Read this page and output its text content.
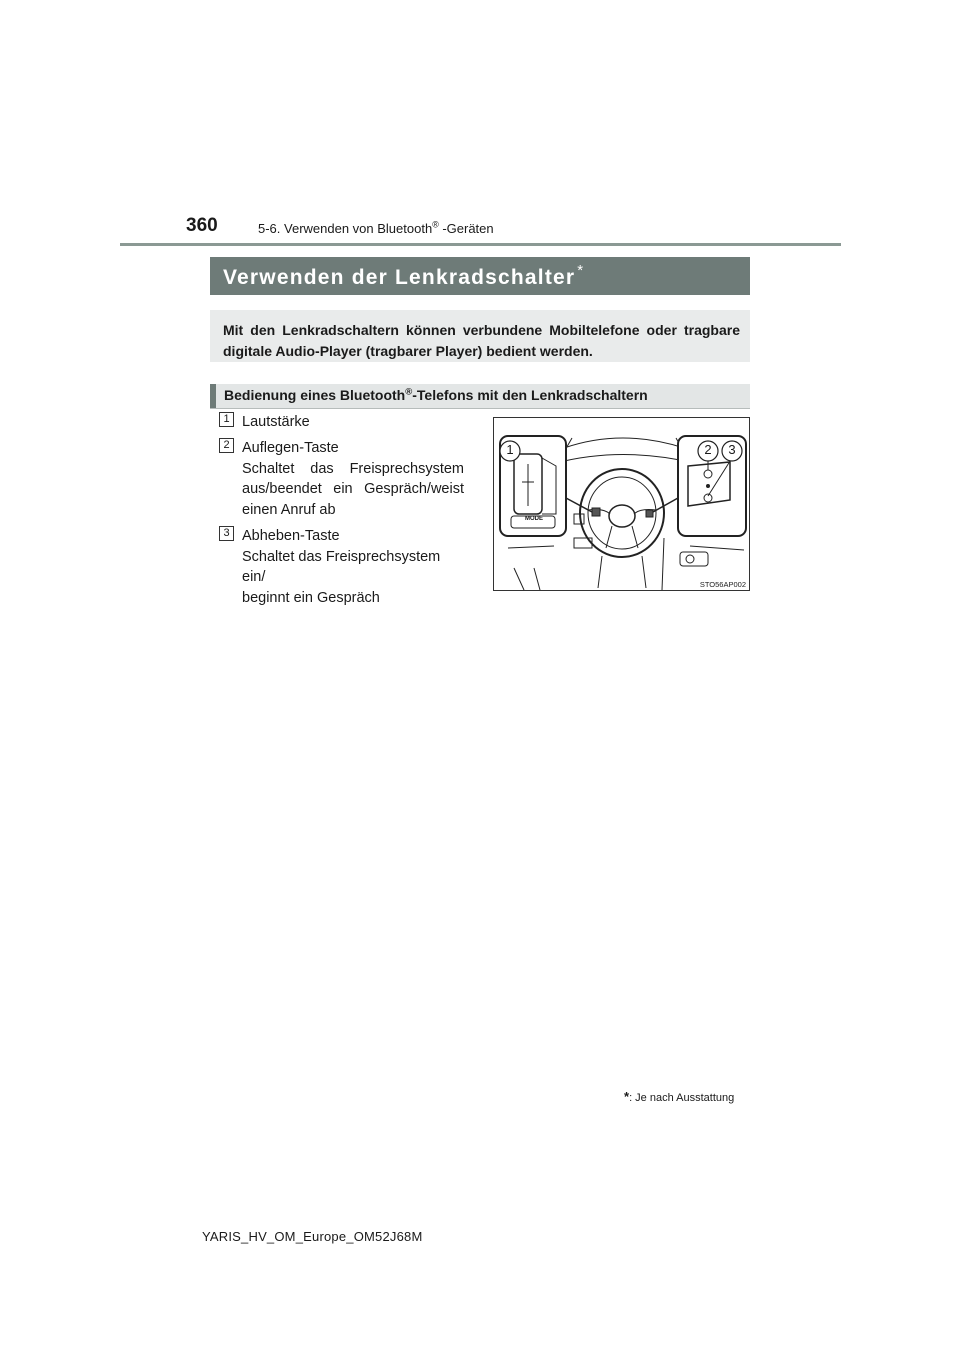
360	5-6. Verwenden von Bluetooth® -Geräten
Verwenden der Lenkradschalter *
Mit den Lenkradschaltern können verbundene Mobiltelefone oder tragbare digitale Audio-Player (tragbarer Player) bedient werden.
Bedienung eines Bluetooth®-Telefons mit den Lenkradschaltern
1 Lautstärke
2 Auflegen-Taste
Schaltet das Freisprechsystem
aus/beendet ein Gespräch/weist
einen Anruf ab
3 Abheben-Taste
Schaltet das Freisprechsystem ein/
beginnt ein Gespräch
1	2 3
MODE
STO56AP002
*: Je nach Ausstattung
YARIS_HV_OM_Europe_OM52J68M
